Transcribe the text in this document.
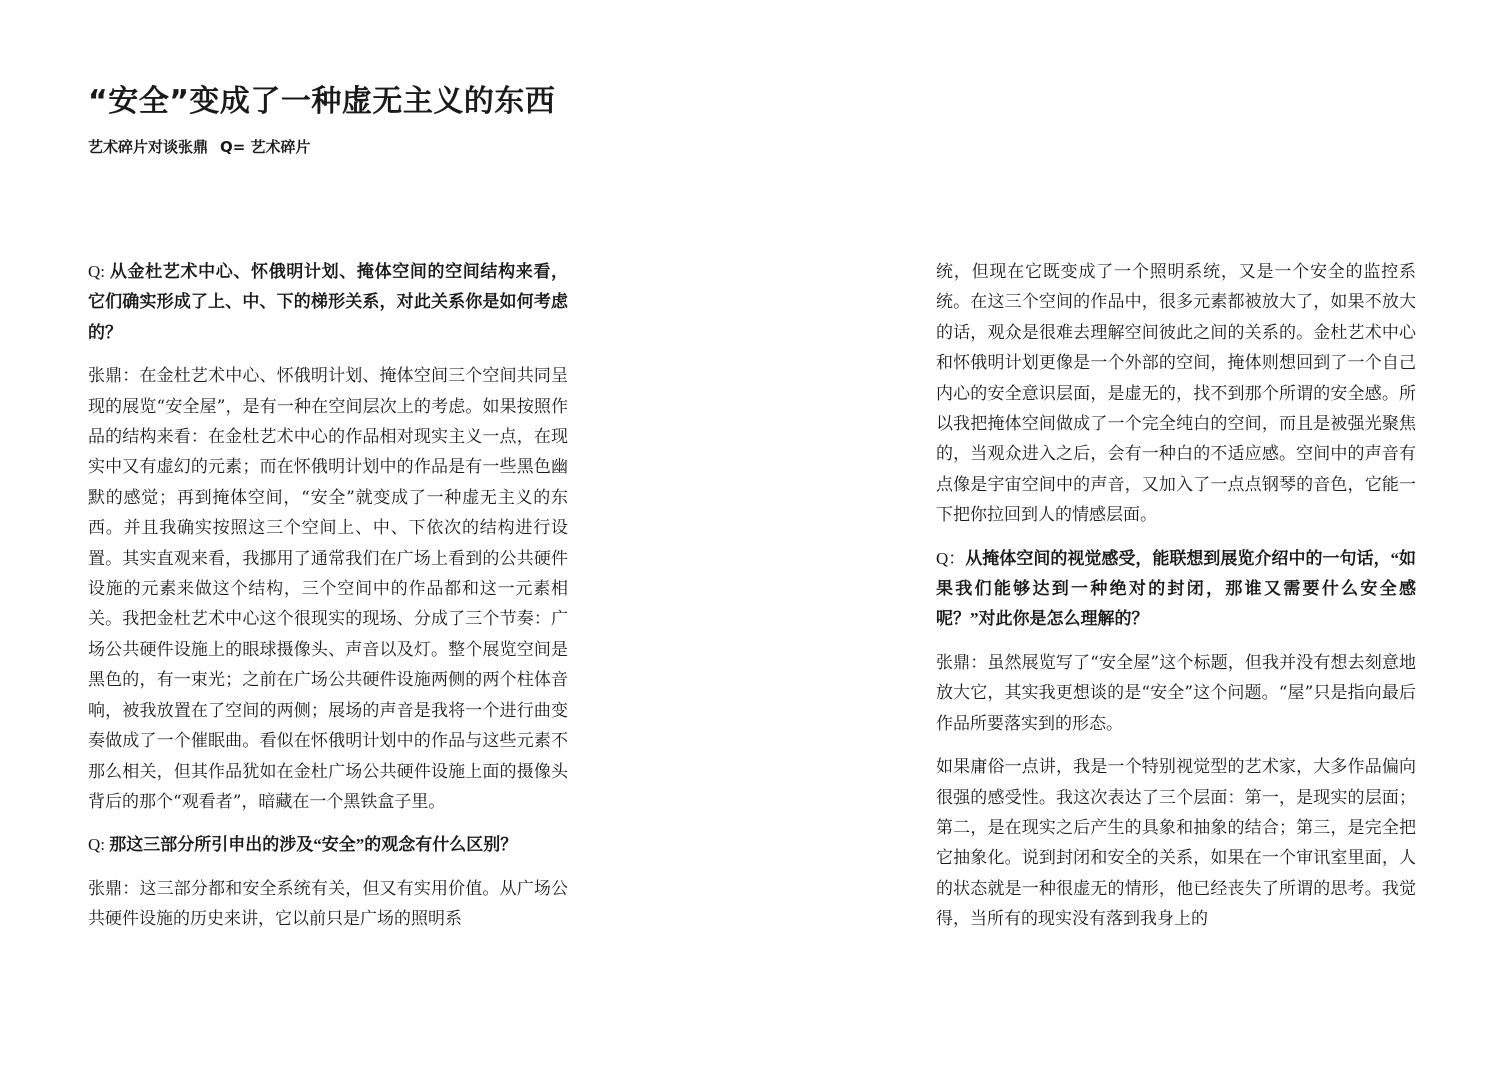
“安全”变成了一种虚无主义的东西
艺术碎片对谈张鼎 Q= 艺术碎片

Q: 从金杜艺术中心、怀俄明计划、掩体空间的空间结构来看，它们确实形成了上、中、下的梯形关系，对此关系你是如何考虑的？

张鼎：在金杜艺术中心、怀俄明计划、掩体空间三个空间共同呈现的展览“安全屋”，是有一种在空间层次上的考虑。如果按照作品的结构来看：在金杜艺术中心的作品相对现实主义一点，在现实中又有虚幻的元素；而在怀俄明计划中的作品是有一些黑色幽默的感觉；再到掩体空间，“安全”就变成了一种虚无主义的东西。并且我确实按照这三个空间上、中、下依次的结构进行设置。其实直观来看，我挪用了通常我们在广场上看到的公共硬件设施的元素来做这个结构，三个空间中的作品都和这一元素相关。我把金杜艺术中心这个很现实的现场、分成了三个节奏：广场公共硬件设施上的眼球摄像头、声音以及灯。整个展览空间是黑色的，有一束光；之前在广场公共硬件设施两侧的两个柱体音响，被我放置在了空间的两侧；展场的声音是我将一个进行曲变奏做成了一个催眠曲。看似在怀俄明计划中的作品与这些元素不那么相关，但其作品犹如在金杜广场公共硬件设施上面的摄像头背后的那个“观看者”，暗藏在一个黑铁盒子里。

Q: 那这三部分所引申出的涉及“安全”的观念有什么区别？

张鼎：这三部分都和安全系统有关，但又有实用价值。从广场公共硬件设施的历史来讲，它以前只是广场的照明系

统，但现在它既变成了一个照明系统，又是一个安全的监控系统。在这三个空间的作品中，很多元素都被放大了，如果不放大的话，观众是很难去理解空间彼此之间的关系的。金杜艺术中心和怀俄明计划更像是一个外部的空间，掩体则想回到了一个自己内心的安全意识层面，是虚无的，找不到那个所谓的安全感。所以我把掩体空间做成了一个完全纯白的空间，而且是被强光聚焦的，当观众进入之后，会有一种白的不适应感。空间中的声音有点像是宇宙空间中的声音，又加入了一点点钢琴的音色，它能一下把你拉回到人的情感层面。

Q：从掩体空间的视觉感受，能联想到展览介绍中的一句话，“如果我们能够达到一种绝对的封闭，那谁又需要什么安全感呢？”对此你是怎么理解的？

张鼎：虽然展览写了“安全屋”这个标题，但我并没有想去刻意地放大它，其实我更想谈的是“安全”这个问题。“屋”只是指向最后作品所要落实到的形态。

如果庸俗一点讲，我是一个特别视觉型的艺术家，大多作品偏向很强的感受性。我这次表达了三个层面：第一，是现实的层面；第二，是在现实之后产生的具象和抽象的结合；第三，是完全把它抽象化。说到封闭和安全的关系，如果在一个审讯室里面，人的状态就是一种很虚无的情形，他已经丧失了所谓的思考。我觉得，当所有的现实没有落到我身上的
